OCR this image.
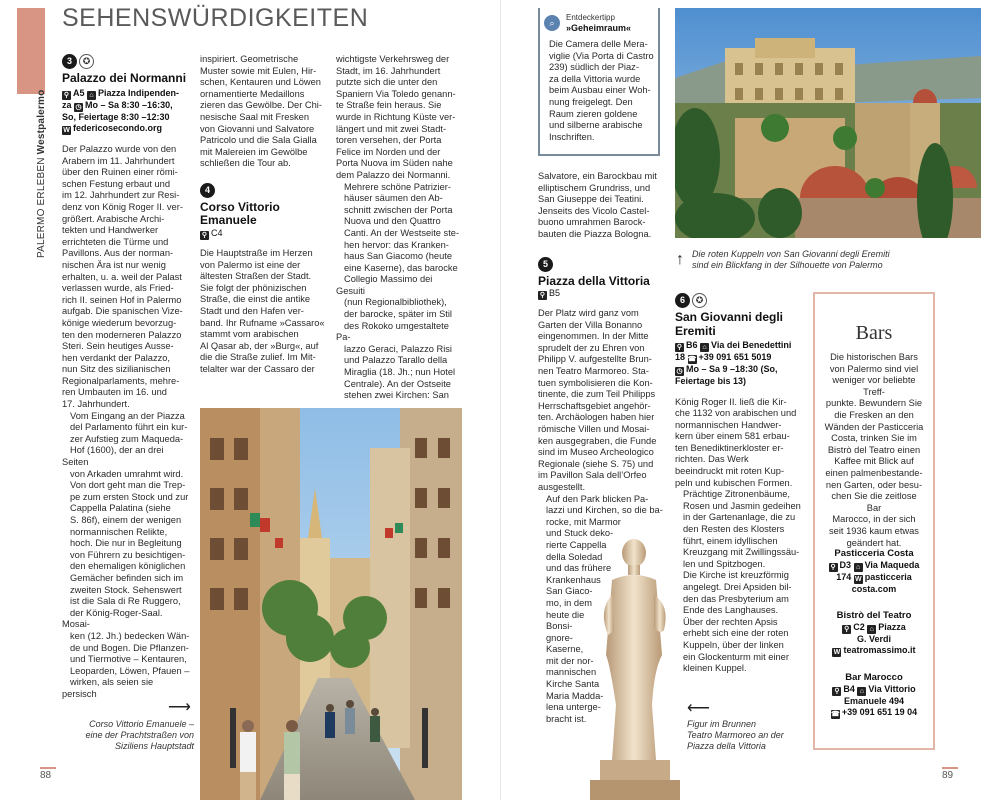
SEHENSWÜRDIGKEITEN
PALERMO ERLEBEN Westpalermo
3 ✪
Palazzo dei Normanni
⚲ A5 ⌂ Piazza Indipenden-
za ◷ Mo – Sa 8:30 –16:30,
So, Feiertage 8:30 –12:30
W federicosecondo.org
Der Palazzo wurde von den
Arabern im 11. Jahrhundert
über den Ruinen einer römi-
schen Festung erbaut und
im 12. Jahrhundert zur Resi-
denz von König Roger II. ver-
größert. Arabische Archi-
tekten und Handwerker
errichteten die Türme und
Pavillons. Aus der norman-
nischen Ära ist nur wenig
erhalten, u. a. weil der Palast
verlassen wurde, als Fried-
rich II. seinen Hof in Palermo
aufgab. Die spanischen Vize-
könige wiederum bevorzug-
ten den moderneren Palazzo
Steri. Sein heutiges Ausse-
hen verdankt der Palazzo,
nun Sitz des sizilianischen
Regionalparlaments, mehre-
ren Umbauten im 16. und
17. Jahrhundert.
Vom Eingang an der Piazza
del Parlamento führt ein kur-
zer Aufstieg zum Maqueda-
Hof (1600), der an drei Seiten
von Arkaden umrahmt wird.
Von dort geht man die Trep-
pe zum ersten Stock und zur
Cappella Palatina (siehe
S. 86f), einem der wenigen
normannischen Relikte,
hoch. Die nur in Begleitung
von Führern zu besichtigen-
den ehemaligen königlichen
Gemächer befinden sich im
zweiten Stock. Sehenswert
ist die Sala di Re Ruggero,
der König-Roger-Saal. Mosai-
ken (12. Jh.) bedecken Wän-
de und Bogen. Die Pflanzen-
und Tiermotive – Kentauren,
Leoparden, Löwen, Pfauen –
wirken, als seien sie persisch
inspiriert. Geometrische
Muster sowie mit Eulen, Hir-
schen, Kentauren und Löwen
ornamentierte Medaillons
zieren das Gewölbe. Der Chi-
nesische Saal mit Fresken
von Giovanni und Salvatore
Patricolo und die Sala Gialla
mit Malereien im Gewölbe
schließen die Tour ab.
4
Corso Vittorio
Emanuele
⚲ C4
Die Hauptstraße im Herzen
von Palermo ist eine der
ältesten Straßen der Stadt.
Sie folgt der phönizischen
Straße, die einst die antike
Stadt und den Hafen ver-
band. Ihr Rufname »Cassaro«
stammt vom arabischen
Al Qasar ab, der »Burg«, auf
die die Straße zulief. Im Mit-
telalter war der Cassaro der
wichtigste Verkehrsweg der
Stadt, im 16. Jahrhundert
putzte sich die unter den
Spaniern Via Toledo genann-
te Straße fein heraus. Sie
wurde in Richtung Küste ver-
längert und mit zwei Stadt-
toren versehen, der Porta
Felice im Norden und der
Porta Nuova im Süden nahe
dem Palazzo dei Normanni.
Mehrere schöne Patrizier-
häuser säumen den Ab-
schnitt zwischen der Porta
Nuova und den Quattro
Canti. An der Westseite ste-
hen hervor: das Kranken-
haus San Giacomo (heute
eine Kaserne), das barocke
Collegio Massimo dei Gesuiti
(nun Regionalbibliothek),
der barocke, später im Stil
des Rokoko umgestaltete Pa-
lazzo Geraci, Palazzo Risi
und Palazzo Tarallo della
Miraglia (18. Jh.; nun Hotel
Centrale). An der Ostseite
stehen zwei Kirchen: San
⟶
Corso Vittorio Emanuele –
eine der Prachtstraßen von
Siziliens Hauptstadt
88
⌕
Entdeckertipp
»Geheimraum«
Die Camera delle Mera-
viglie (Via Porta di Castro
239) südlich der Piaz-
za della Vittoria wurde
beim Ausbau einer Woh-
nung freigelegt. Den
Raum zieren goldene
und silberne arabische
Inschriften.
Salvatore, ein Barockbau mit
elliptischem Grundriss, und
San Giuseppe dei Teatini.
Jenseits des Vicolo Castel-
buono umrahmen Barock-
bauten die Piazza Bologna.
5
Piazza della Vittoria
⚲ B5
Der Platz wird ganz vom
Garten der Villa Bonanno
eingenommen. In der Mitte
sprudelt der zu Ehren von
Philipp V. aufgestellte Brun-
nen Teatro Marmoreo. Sta-
tuen symbolisieren die Kon-
tinente, die zum Teil Philipps
Herrschaftsgebiet angehör-
ten. Archäologen haben hier
römische Villen und Mosai-
ken ausgegraben, die Funde
sind im Museo Archeologico
Regionale (siehe S. 75) und
im Pavillon Sala dell’Orfeo
ausgestellt.
Auf den Park blicken Pa-
lazzi und Kirchen, so die ba-
rocke, mit Marmor
und Stuck deko-
rierte Cappella
della Soledad
und das frühere
Krankenhaus
San Giaco-
mo, in dem
heute die
Bonsi-
gnore-
Kaserne,
mit der nor-
mannischen
Kirche Santa
Maria Madda-
lena unterge-
bracht ist.
↑ Die roten Kuppeln von San Giovanni degli Eremiti
sind ein Blickfang in der Silhouette von Palermo
6 ✪
San Giovanni degli
Eremiti
⚲ B6 ⌂ Via dei Benedettini
18 ☎ +39 091 651 5019
◷ Mo – Sa 9 –18:30 (So,
Feiertage bis 13)
König Roger II. ließ die Kir-
che 1132 von arabischen und
normannischen Handwer-
kern über einem 581 erbau-
ten Benediktinerkloster er-
richten. Das Werk
beeindruckt mit roten Kup-
peln und kubischen Formen.
Prächtige Zitronenbäume,
Rosen und Jasmin gedeihen
in der Gartenanlage, die zu
den Resten des Klosters
führt, einem idyllischen
Kreuzgang mit Zwillingssäu-
len und Spitzbogen.
Die Kirche ist kreuzförmig
angelegt. Drei Apsiden bil-
den das Presbyterium am
Ende des Langhauses.
Über der rechten Apsis
erhebt sich eine der roten
Kuppeln, über der linken
ein Glockenturm mit einer
kleinen Kuppel.
⟵
Figur im Brunnen
Teatro Marmoreo an der
Piazza della Vittoria
Bars
Die historischen Bars
von Palermo sind viel
weniger vor beliebte Treff-
punkte. Bewundern Sie
die Fresken an den
Wänden der Pasticceria
Costa, trinken Sie im
Bistrò del Teatro einen
Kaffee mit Blick auf
einen palmenbestande-
nen Garten, oder besu-
chen Sie die zeitlose Bar
Marocco, in der sich
seit 1936 kaum etwas
geändert hat.
Pasticceria Costa
⚲ D3 ⌂ Via Maqueda
174 W pasticceria
costa.com
Bistrò del Teatro
⚲ C2 ⌂ Piazza
G. Verdi
W teatromassimo.it
Bar Marocco
⚲ B4 ⌂ Via Vittorio
Emanuele 494
☎ +39 091 651 19 04
89
